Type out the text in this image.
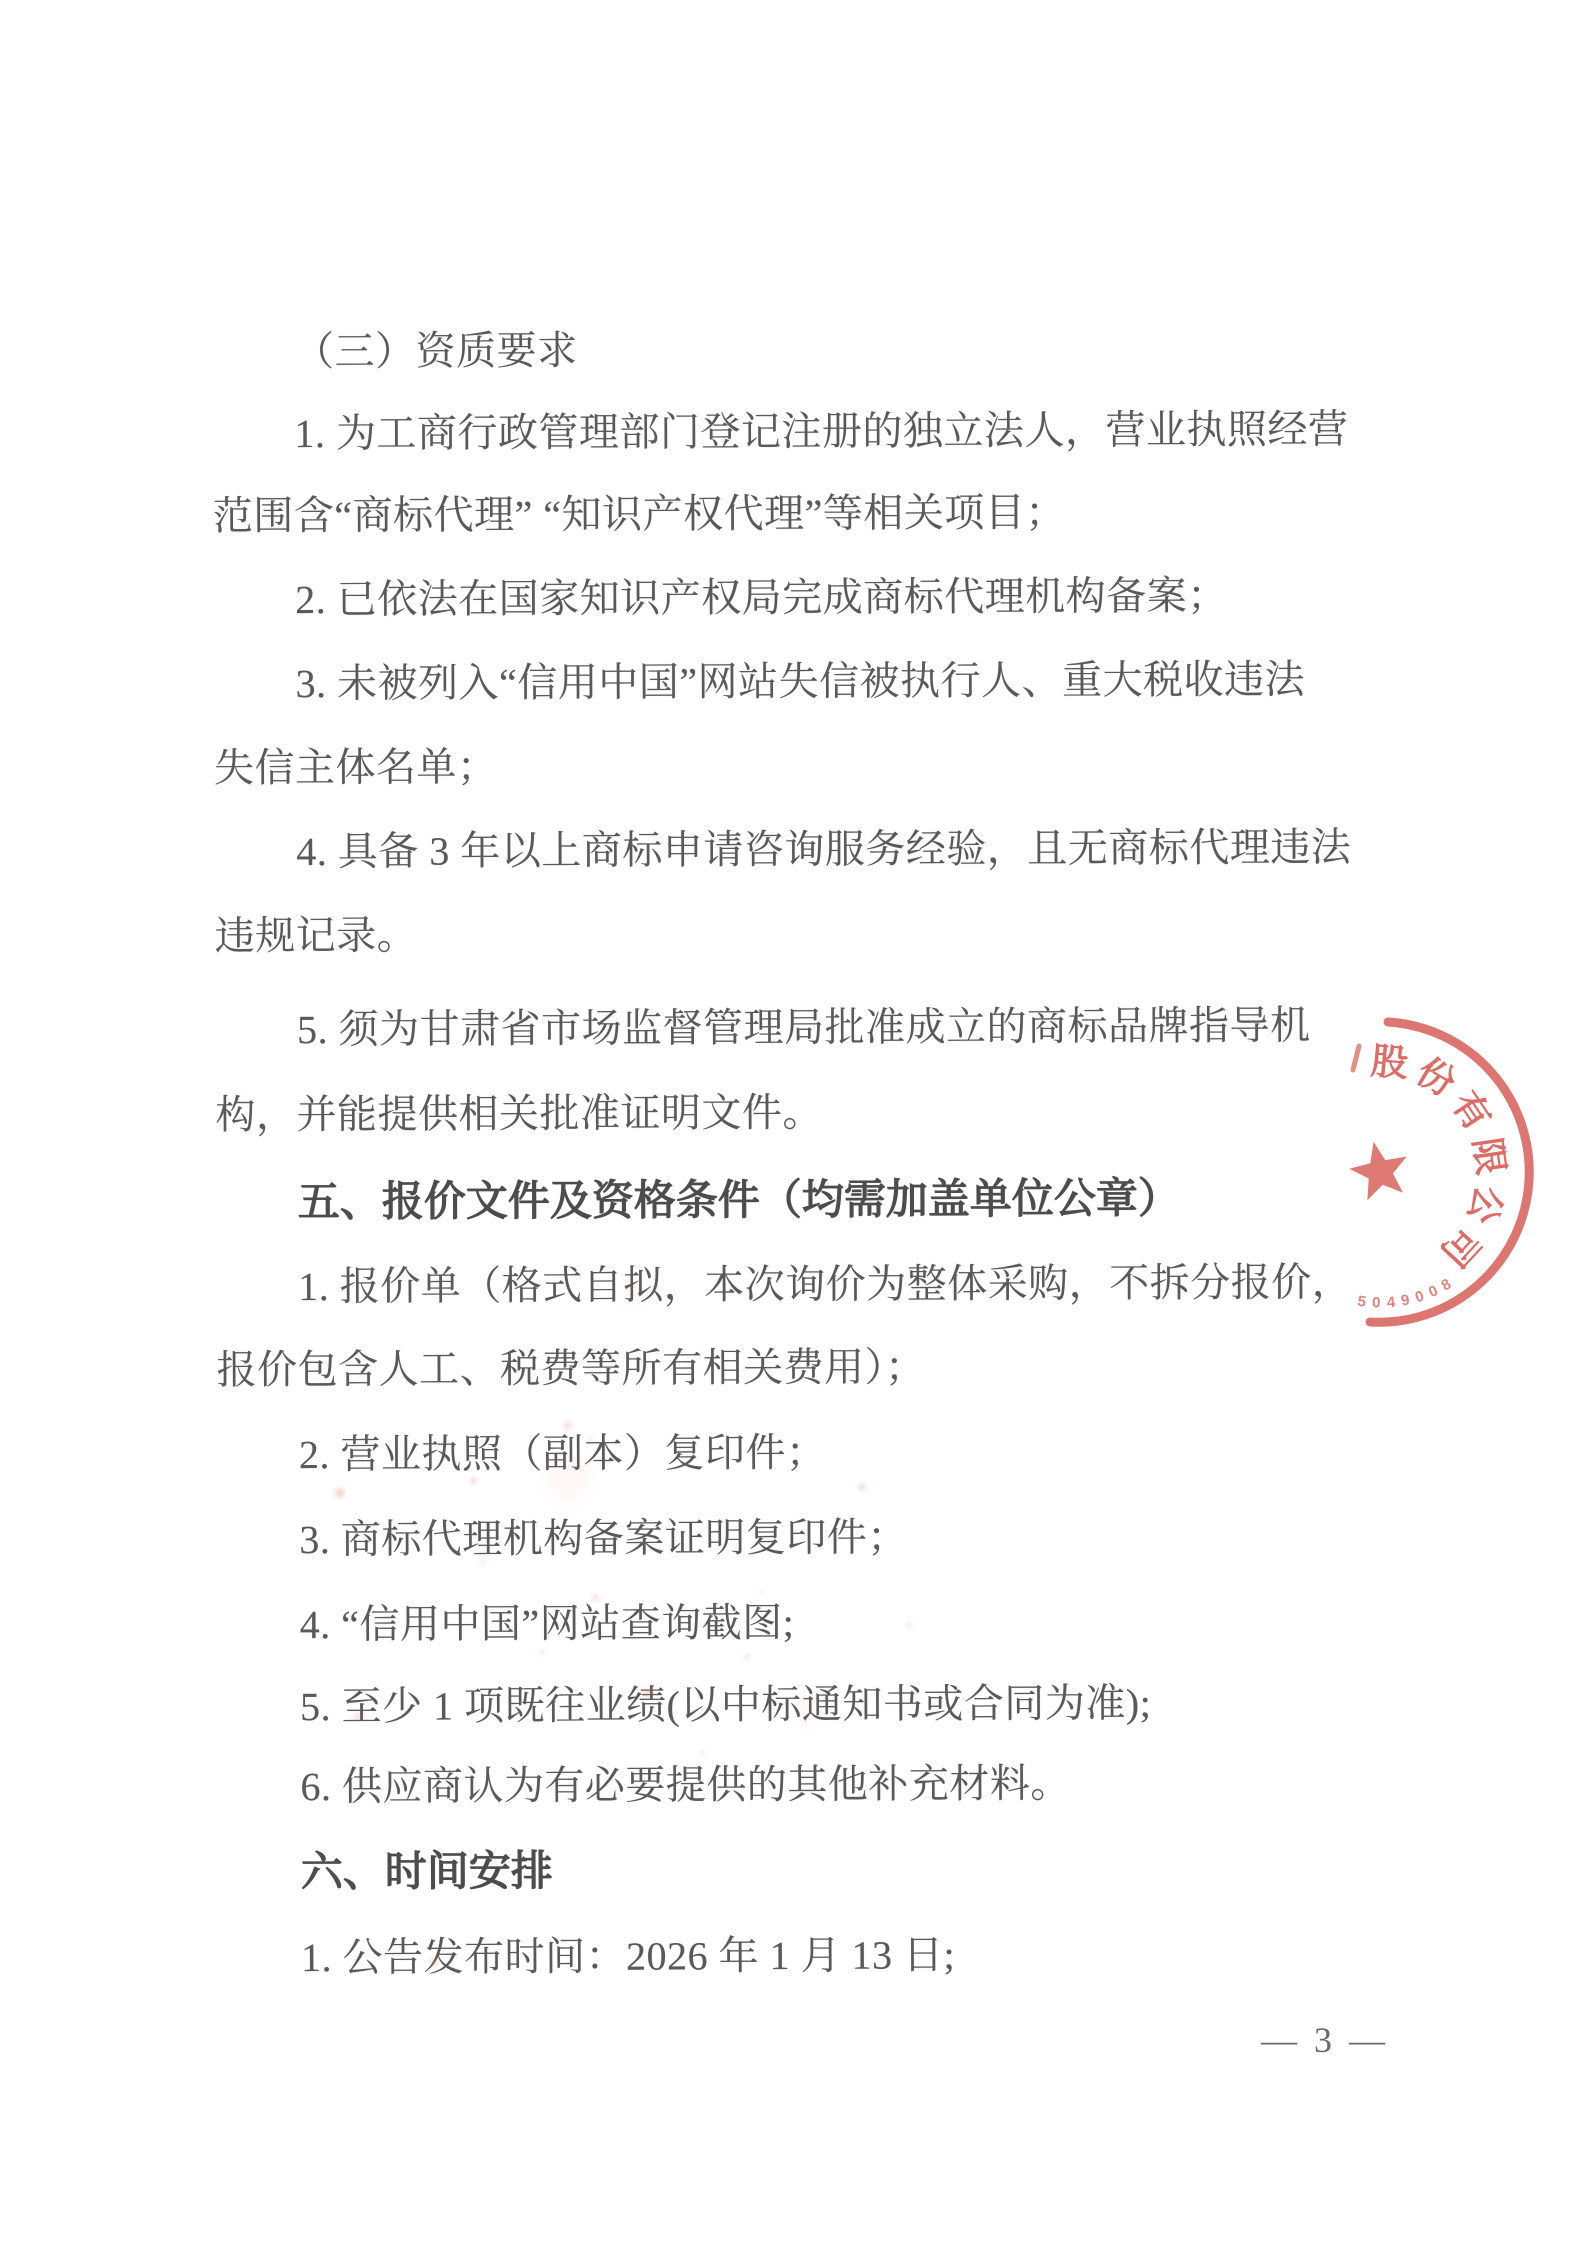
（三）资质要求
1. 为工商行政管理部门登记注册的独立法人，营业执照经营
范围含“商标代理” “知识产权代理”等相关项目；
2. 已依法在国家知识产权局完成商标代理机构备案；
3. 未被列入“信用中国”网站失信被执行人、重大税收违法
失信主体名单；
4. 具备 3 年以上商标申请咨询服务经验，且无商标代理违法
违规记录。
5. 须为甘肃省市场监督管理局批准成立的商标品牌指导机
构，并能提供相关批准证明文件。
五、报价文件及资格条件（均需加盖单位公章）
1. 报价单（格式自拟，本次询价为整体采购，不拆分报价，
报价包含人工、税费等所有相关费用）；
2. 营业执照（副本）复印件；
3. 商标代理机构备案证明复印件；
4. “信用中国”网站查询截图;
5. 至少 1 项既往业绩(以中标通知书或合同为准);
6. 供应商认为有必要提供的其他补充材料。
六、时间安排
1. 公告发布时间：2026 年 1 月 13 日;
股 份
有
限
公
司
5 0 4 9 0 0
8
— 3 —
